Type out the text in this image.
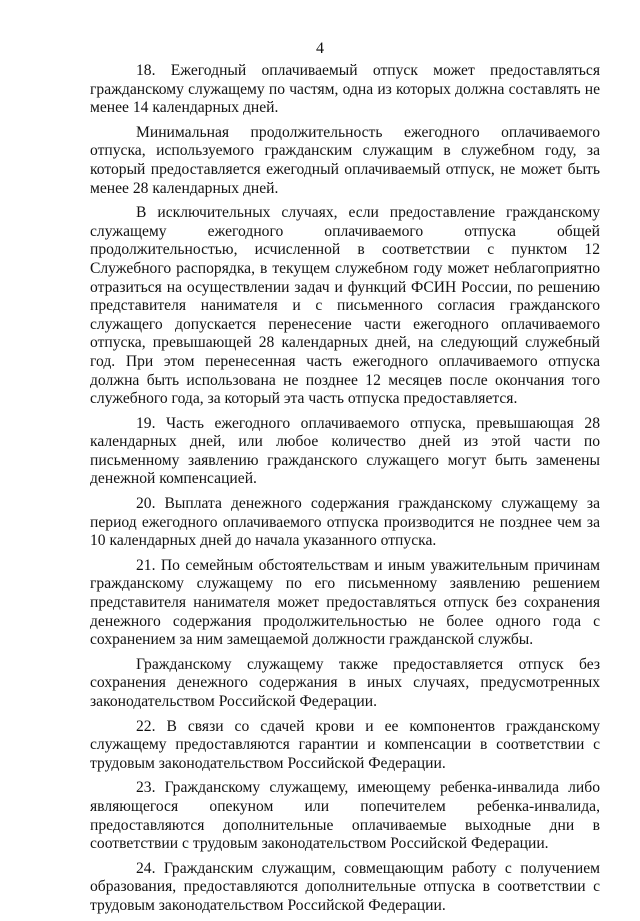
4

18. Ежегодный оплачиваемый отпуск может предоставляться гражданскому служащему по частям, одна из которых должна составлять не менее 14 календарных дней.

Минимальная продолжительность ежегодного оплачиваемого отпуска, используемого гражданским служащим в служебном году, за который предоставляется ежегодный оплачиваемый отпуск, не может быть менее 28 календарных дней.

В исключительных случаях, если предоставление гражданскому служащему ежегодного оплачиваемого отпуска общей продолжительностью, исчисленной в соответствии с пунктом 12 Служебного распорядка, в текущем служебном году может неблагоприятно отразиться на осуществлении задач и функций ФСИН России, по решению представителя нанимателя и с письменного согласия гражданского служащего допускается перенесение части ежегодного оплачиваемого отпуска, превышающей 28 календарных дней, на следующий служебный год. При этом перенесенная часть ежегодного оплачиваемого отпуска должна быть использована не позднее 12 месяцев после окончания того служебного года, за который эта часть отпуска предоставляется.

19. Часть ежегодного оплачиваемого отпуска, превышающая 28 календарных дней, или любое количество дней из этой части по письменному заявлению гражданского служащего могут быть заменены денежной компенсацией.

20. Выплата денежного содержания гражданскому служащему за период ежегодного оплачиваемого отпуска производится не позднее чем за 10 календарных дней до начала указанного отпуска.

21. По семейным обстоятельствам и иным уважительным причинам гражданскому служащему по его письменному заявлению решением представителя нанимателя может предоставляться отпуск без сохранения денежного содержания продолжительностью не более одного года с сохранением за ним замещаемой должности гражданской службы.

Гражданскому служащему также предоставляется отпуск без сохранения денежного содержания в иных случаях, предусмотренных законодательством Российской Федерации.

22. В связи со сдачей крови и ее компонентов гражданскому служащему предоставляются гарантии и компенсации в соответствии с трудовым законодательством Российской Федерации.

23. Гражданскому служащему, имеющему ребенка-инвалида либо являющегося опекуном или попечителем ребенка-инвалида, предоставляются дополнительные оплачиваемые выходные дни в соответствии с трудовым законодательством Российской Федерации.

24. Гражданским служащим, совмещающим работу с получением образования, предоставляются дополнительные отпуска в соответствии с трудовым законодательством Российской Федерации.
